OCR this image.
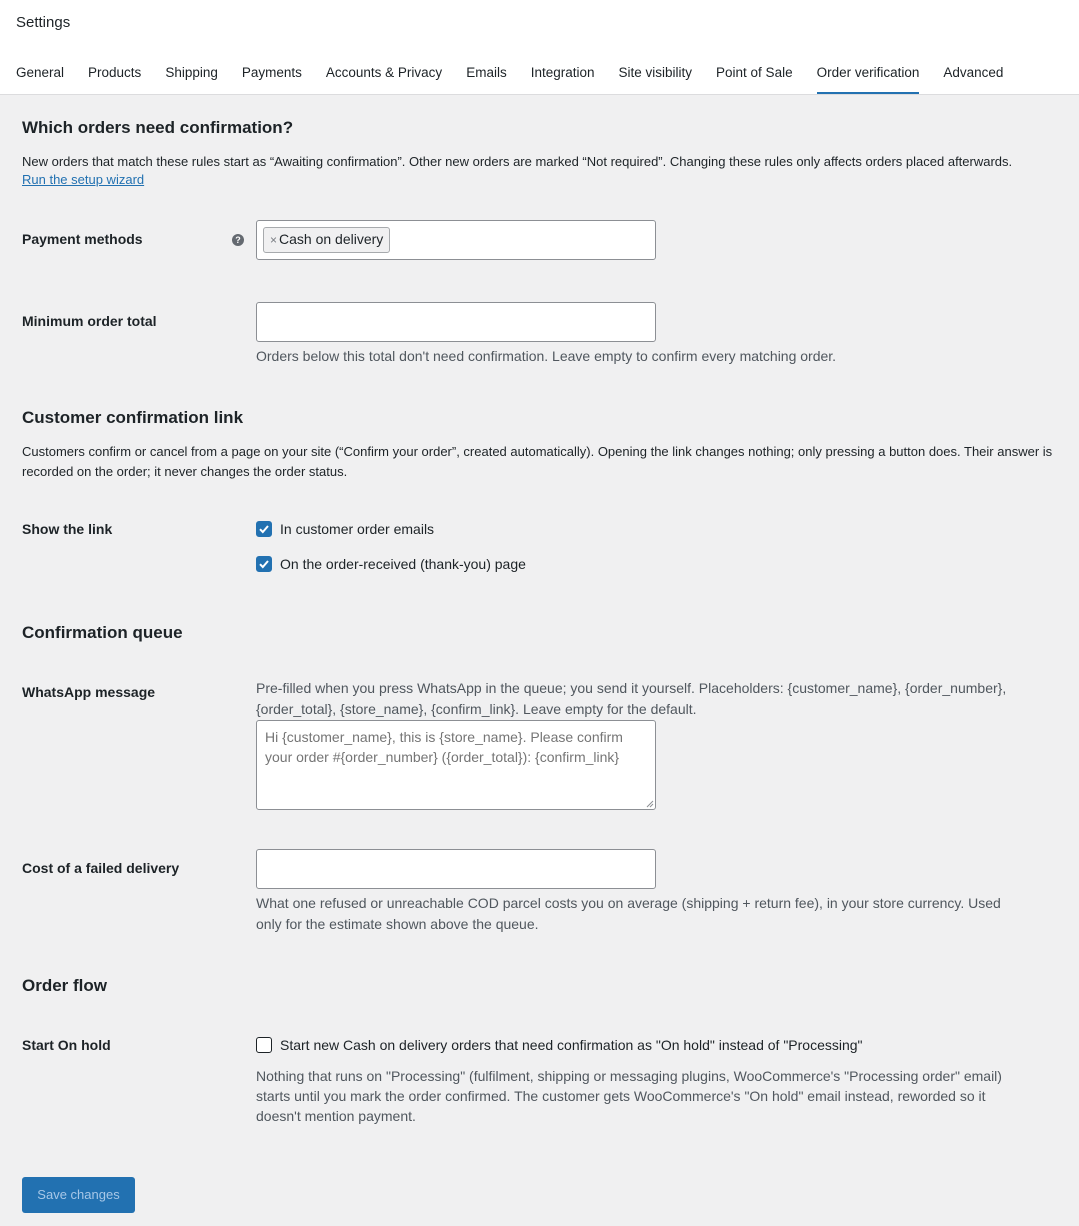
Settings
General Products Shipping Payments Accounts & Privacy Emails Integration Site visibility Point of Sale Order verification Advanced
Which orders need confirmation?
New orders that match these rules start as “Awaiting confirmation”. Other new orders are marked “Not required”. Changing these rules only affects orders placed afterwards.
Run the setup wizard
Payment methods	?	× Cash on delivery
Minimum order total
Orders below this total don't need confirmation. Leave empty to confirm every matching order.
Customer confirmation link
Customers confirm or cancel from a page on your site (“Confirm your order”, created automatically). Opening the link changes nothing; only pressing a button does. Their answer is recorded on the order; it never changes the order status.
Show the link	In customer order emails
On the order-received (thank-you) page
Confirmation queue
WhatsApp message	Pre-filled when you press WhatsApp in the queue; you send it yourself. Placeholders: {customer_name}, {order_number},
{order_total}, {store_name}, {confirm_link}. Leave empty for the default.
Hi {customer_name}, this is {store_name}. Please confirm your order #{order_number} ({order_total}): {confirm_link}
Cost of a failed delivery
What one refused or unreachable COD parcel costs you on average (shipping + return fee), in your store currency. Used
only for the estimate shown above the queue.
Order flow
Start On hold	Start new Cash on delivery orders that need confirmation as "On hold" instead of "Processing"
Nothing that runs on "Processing" (fulfilment, shipping or messaging plugins, WooCommerce's "Processing order" email)
starts until you mark the order confirmed. The customer gets WooCommerce's "On hold" email instead, reworded so it
doesn't mention payment.
Save changes
